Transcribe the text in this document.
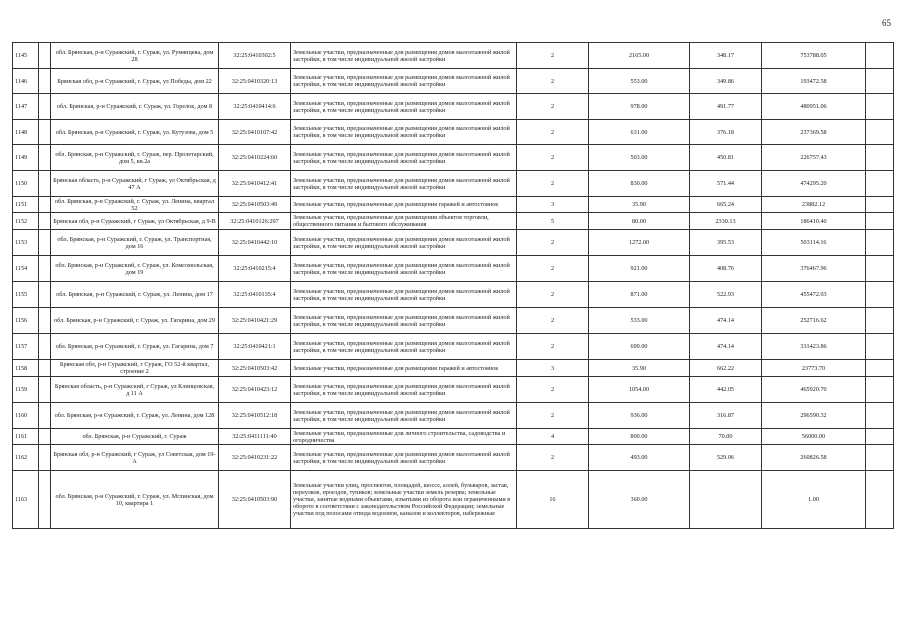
65
1145		обл. Брянская, р-н Суражский, г. Сураж, ул. Румянцева, дом 28	32:25:0410302:5	Земельные участки, предназначенные для размещения домов малоэтажной жилой застройки, в том числе индивидуальной жилой застройки	2	2165.00	348.17	753788.05	
1146		Брянская обл, р-н Суражский, г. Сураж, ул Победы, дом 22	32:25:0410320:13	Земельные участки, предназначенные для размещения домов малоэтажной жилой застройки, в том числе индивидуальной жилой застройки	2	553.00	349.86	193472.58	
1147		обл. Брянская, р-н Суражский, г. Сураж, ул. Горелок, дом 8	32:25:0410414:6	Земельные участки, предназначенные для размещения домов малоэтажной жилой застройки, в том числе индивидуальной жилой застройки	2	978.00	491.77	480951.06	
1148		обл. Брянская, р-н Суражский, г. Сураж, ул. Кутузова, дом 5	32:25:0410107:42	Земельные участки, предназначенные для размещения домов малоэтажной жилой застройки, в том числе индивидуальной жилой застройки	2	631.00	376.18	237369.58	
1149		обл. Брянская, р-н Суражский, г. Сураж, пер. Пролетарский, дом 5, кв.2а	32:25:0410224:60	Земельные участки, предназначенные для размещения домов малоэтажной жилой застройки, в том числе индивидуальной жилой застройки	2	503.00	450.81	226757.43	
1150		Брянская область, р-н Суражский, г Сураж, ул Октябрьская, д 47 А	32:25:0410412:41	Земельные участки, предназначенные для размещения домов малоэтажной жилой застройки, в том числе индивидуальной жилой застройки	2	830.00	571.44	474295.20	
1151		обл. Брянская, р-н Суражский, г. Сураж, ул. Ленина, квартал 52	32:25:0410503:49	Земельные участки, предназначенные для размещения гаражей и автостоянок	3	35.90	665.24	23882.12	
1152		Брянская обл, р-н Суражский, г Сураж, ул Октябрьская, д 9-В	32:25:0410126:297	Земельные участки, предназначенные для размещения объектов торговли, общественного питания и бытового обслуживания	5	80.00	2330.13	186410.40	
1153		обл. Брянская, р-н Суражский, г. Сураж, ул. Транспортная, дом 16	32:25:0410442:10	Земельные участки, предназначенные для размещения домов малоэтажной жилой застройки, в том числе индивидуальной жилой застройки	2	1272.00	395.53	503114.16	
1154		обл. Брянская, р-н Суражский, г. Сураж, ул. Комсомольская, дом 19	32:25:0410215:4	Земельные участки, предназначенные для размещения домов малоэтажной жилой застройки, в том числе индивидуальной жилой застройки	2	921.00	408.76	376467.96	
1155		обл. Брянская, р-н Суражский, г. Сураж, ул. Ленина, дом 17	32:25:0410135:4	Земельные участки, предназначенные для размещения домов малоэтажной жилой застройки, в том числе индивидуальной жилой застройки	2	871.00	522.93	455472.03	
1156		обл. Брянская, р-н Суражский, г. Сураж, ул. Гагарина, дом 29	32:25:0410421:29	Земельные участки, предназначенные для размещения домов малоэтажной жилой застройки, в том числе индивидуальной жилой застройки	2	533.00	474.14	252716.62	
1157		обл. Брянская, р-н Суражский, г. Сураж, ул. Гагарина, дом 7	32:25:0410421:1	Земельные участки, предназначенные для размещения домов малоэтажной жилой застройки, в том числе индивидуальной жилой застройки	2	699.00	474.14	331423.86	
1158		Брянская обл, р-н Суражский, г Сураж, ГО 52-й квартал, строение 2	32:25:0410503:42	Земельные участки, предназначенные для размещения гаражей и автостоянок	3	35.90	662.22	23773.70	
1159		Брянская область, р-н Суражский, г Сураж, ул Клинцовская, д 11 А	32:25:0410423:12	Земельные участки, предназначенные для размещения домов малоэтажной жилой застройки, в том числе индивидуальной жилой застройки	2	1054.00	442.05	465920.70	
1160		обл. Брянская, р-н Суражский, г. Сураж, ул. Ленина, дом 128	32:25:0410512:18	Земельные участки, предназначенные для размещения домов малоэтажной жилой застройки, в том числе индивидуальной жилой застройки	2	936.00	316.87	296590.32	
1161		обл. Брянская, р-н Суражский, г. Сураж	32:25:0411111:40	Земельные участки, предназначенные для личного строительства, садоводства и огородничества	4	800.00	70.00	56000.00	
1162		Брянская обл, р-н Суражский, г Сураж, ул Советская, дом 19-А	32:25:0410231:22	Земельные участки, предназначенные для размещения домов малоэтажной жилой застройки, в том числе индивидуальной жилой застройки	2	493.00	529.06	260826.58	
1163		обл. Брянская, р-н Суражский, г. Сураж, ул. Мглинская, дом 10, квартира 1	32:25:0410503:90	Земельные участки улиц, проспектов, площадей, шоссе, аллей, бульваров, застав, переулков, проездов, тупиков; земельные участки земель резерва; земельные участки, занятые водными объектами, изъятыми из оборота или ограниченными в обороте в соответствии с законодательством Российской Федерации; земельные участки под полосами отвода водоемов, каналов и коллекторов, набережные	16	360.00		1.00	
